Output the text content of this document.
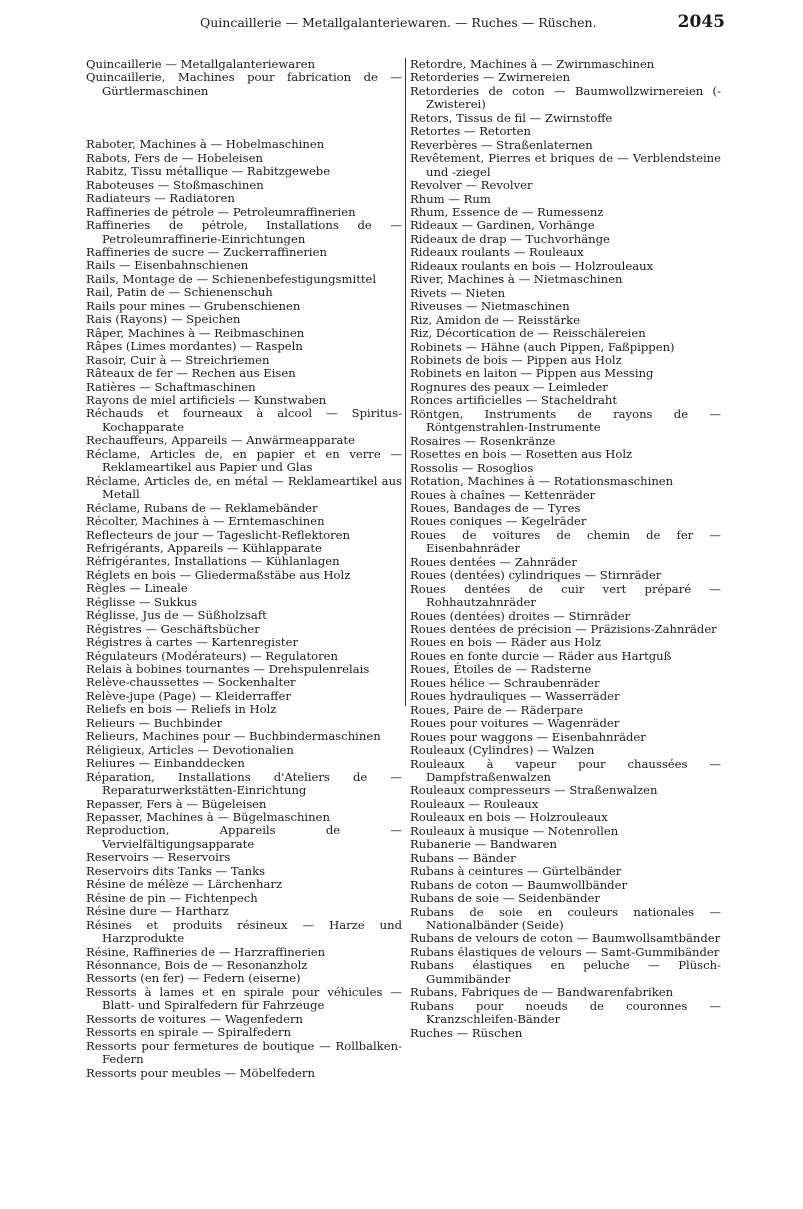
Quincaillerie — Metallgalanteriewaren. — Ruches — Rüschen.	2045
Quincaillerie — Metallgalanteriewaren
Quincaillerie, Machines pour fabrication de — Gürtlermaschinen
Raboter, Machines à — Hobelmaschinen
Rabots, Fers de — Hobeleisen
Rabitz, Tissu métallique — Rabitzgewebe
Raboteuses — Stoßmaschinen
Radiateurs — Radiatoren
Raffineries de pétrole — Petroleumraffinerien
Raffineries de pétrole, Installations de — Petroleumraffinerie-Einrichtungen
Raffineries de sucre — Zuckerraffinerien
Rails — Eisenbahnschienen
Rails, Montage de — Schienenbefestigungsmittel
Rail, Patin de — Schienenschuh
Rails pour mines — Grubenschienen
Rais (Rayons) — Speichen
Râper, Machines à — Reibmaschinen
Râpes (Limes mordantes) — Raspeln
Rasoir, Cuir à — Streichriemen
Râteaux de fer — Rechen aus Eisen
Ratières — Schaftmaschinen
Rayons de miel artificiels — Kunstwaben
Réchauds et fourneaux à alcool — Spiritus-Kochapparate
Rechauffeurs, Appareils — Anwärmeapparate
Réclame, Articles de, en papier et en verre — Reklameartikel aus Papier und Glas
Réclame, Articles de, en métal — Reklameartikel aus Metall
Réclame, Rubans de — Reklamebänder
Récolter, Machines à — Erntemaschinen
Reflecteurs de jour — Tageslicht-Reflektoren
Refrigérants, Appareils — Kühlapparate
Réfrigérantes, Installations — Kühlanlagen
Réglets en bois — Gliedermaßstäbe aus Holz
Règles — Lineale
Réglisse — Sukkus
Réglisse, Jus de — Süßholzsaft
Régistres — Geschäftsbücher
Régistres à cartes — Kartenregister
Régulateurs (Modérateurs) — Regulatoren
Relais à bobines tournantes — Drehspulenrelais
Relève-chaussettes — Sockenhalter
Relève-jupe (Page) — Kleiderraffer
Reliefs en bois — Reliefs in Holz
Relieurs — Buchbinder
Relieurs, Machines pour — Buchbindermaschinen
Réligieux, Articles — Devotionalien
Reliures — Einbanddecken
Réparation, Installations d'Ateliers de — Reparaturwerkstätten-Einrichtung
Repasser, Fers à — Bügeleisen
Repasser, Machines à — Bügelmaschinen
Reproduction, Appareils de — Vervielfältigungsapparate
Reservoirs — Reservoirs
Reservoirs dits Tanks — Tanks
Résine de mélèze — Lärchenharz
Résine de pin — Fichtenpech
Résine dure — Hartharz
Résines et produits résineux — Harze und Harzprodukte
Résine, Raffineries de — Harzraffinerien
Résonnance, Bois de — Resonanzholz
Ressorts (en fer) — Federn (eiserne)
Ressorts à lames et en spirale pour véhicules — Blatt- und Spiralfedern für Fahrzeuge
Ressorts de voitures — Wagenfedern
Ressorts en spirale — Spiralfedern
Ressorts pour fermetures de boutique — Rollbalken-Federn
Ressorts pour meubles — Möbelfedern
Retordre, Machines à — Zwirnmaschinen
Retorderies — Zwirnereien
Retorderies de coton — Baumwollzwirnereien (-Zwisterei)
Retors, Tissus de fil — Zwirnstoffe
Retortes — Retorten
Reverbères — Straßenlaternen
Revêtement, Pierres et briques de — Verblendsteine und -ziegel
Revolver — Revolver
Rhum — Rum
Rhum, Essence de — Rumessenz
Rideaux — Gardinen, Vorhänge
Rideaux de drap — Tuchvorhänge
Rideaux roulants — Rouleaux
Rideaux roulants en bois — Holzrouleaux
River, Machines à — Nietmaschinen
Rivets — Nieten
Riveuses — Nietmaschinen
Riz, Amidon de — Reisstärke
Riz, Décortication de — Reisschälereien
Robinets — Hähne (auch Pippen, Faßpippen)
Robinets de bois — Pippen aus Holz
Robinets en laiton — Pippen aus Messing
Rognures des peaux — Leimleder
Ronces artificielles — Stacheldraht
Röntgen, Instruments de rayons de — Röntgenstrahlen-Instrumente
Rosaires — Rosenkränze
Rosettes en bois — Rosetten aus Holz
Rossolis — Rosoglios
Rotation, Machines à — Rotationsmaschinen
Roues à chaînes — Kettenräder
Roues, Bandages de — Tyres
Roues coniques — Kegelräder
Roues de voitures de chemin de fer — Eisenbahnräder
Roues dentées — Zahnräder
Roues (dentées) cylindriques — Stirnräder
Roues dentées de cuir vert préparé — Rohhautzahnräder
Roues (dentées) droites — Stirnräder
Roues dentées de précision — Präzisions-Zahnräder
Roues en bois — Räder aus Holz
Roues en fonte durcie — Räder aus Hartguß
Roues, Étoiles de — Radsterne
Roues hélice — Schraubenräder
Roues hydrauliques — Wasserräder
Roues, Paire de — Räderpare
Roues pour voitures — Wagenräder
Roues pour waggons — Eisenbahnräder
Rouleaux (Cylindres) — Walzen
Rouleaux à vapeur pour chaussées — Dampfstraßenwalzen
Rouleaux compresseurs — Straßenwalzen
Rouleaux — Rouleaux
Rouleaux en bois — Holzrouleaux
Rouleaux à musique — Notenrollen
Rubanerie — Bandwaren
Rubans — Bänder
Rubans à ceintures — Gürtelbänder
Rubans de coton — Baumwollbänder
Rubans de soie — Seidenbänder
Rubans de soie en couleurs nationales — Nationalbänder (Seide)
Rubans de velours de coton — Baumwollsamtbänder
Rubans élastiques de velours — Samt-Gummibänder
Rubans élastiques en peluche — Plüsch-Gummibänder
Rubans, Fabriques de — Bandwarenfabriken
Rubans pour noeuds de couronnes — Kranzschleifen-Bänder
Ruches — Rüschen
